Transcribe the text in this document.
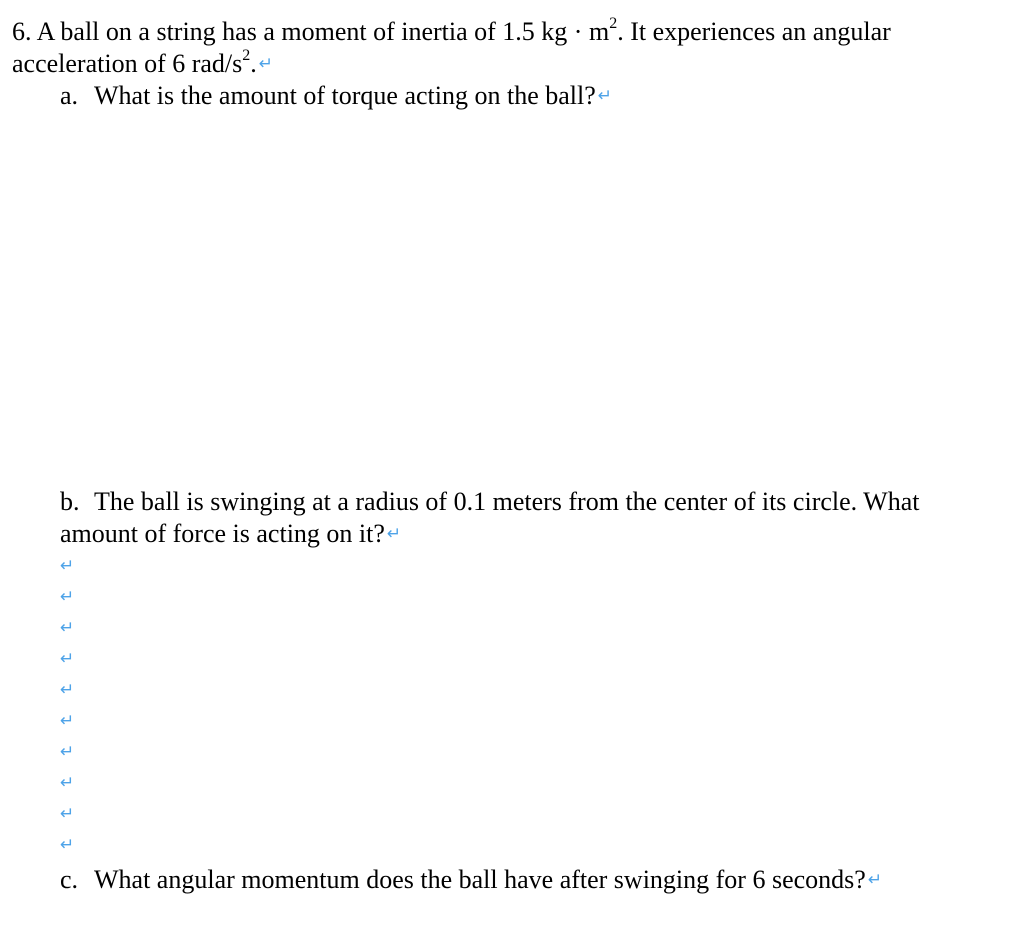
6. A ball on a string has a moment of inertia of 1.5 kg · $m^2$. It experiences an angular
acceleration of 6 rad/$s^2$. ↵
a. What is the amount of torque acting on the ball? ↵
b. The ball is swinging at a radius of 0.1 meters from the center of its circle. What
amount of force is acting on it? ↵
↵
↵
↵
↵
↵
↵
↵
↵
↵
↵
c. What angular momentum does the ball have after swinging for 6 seconds? ↵
